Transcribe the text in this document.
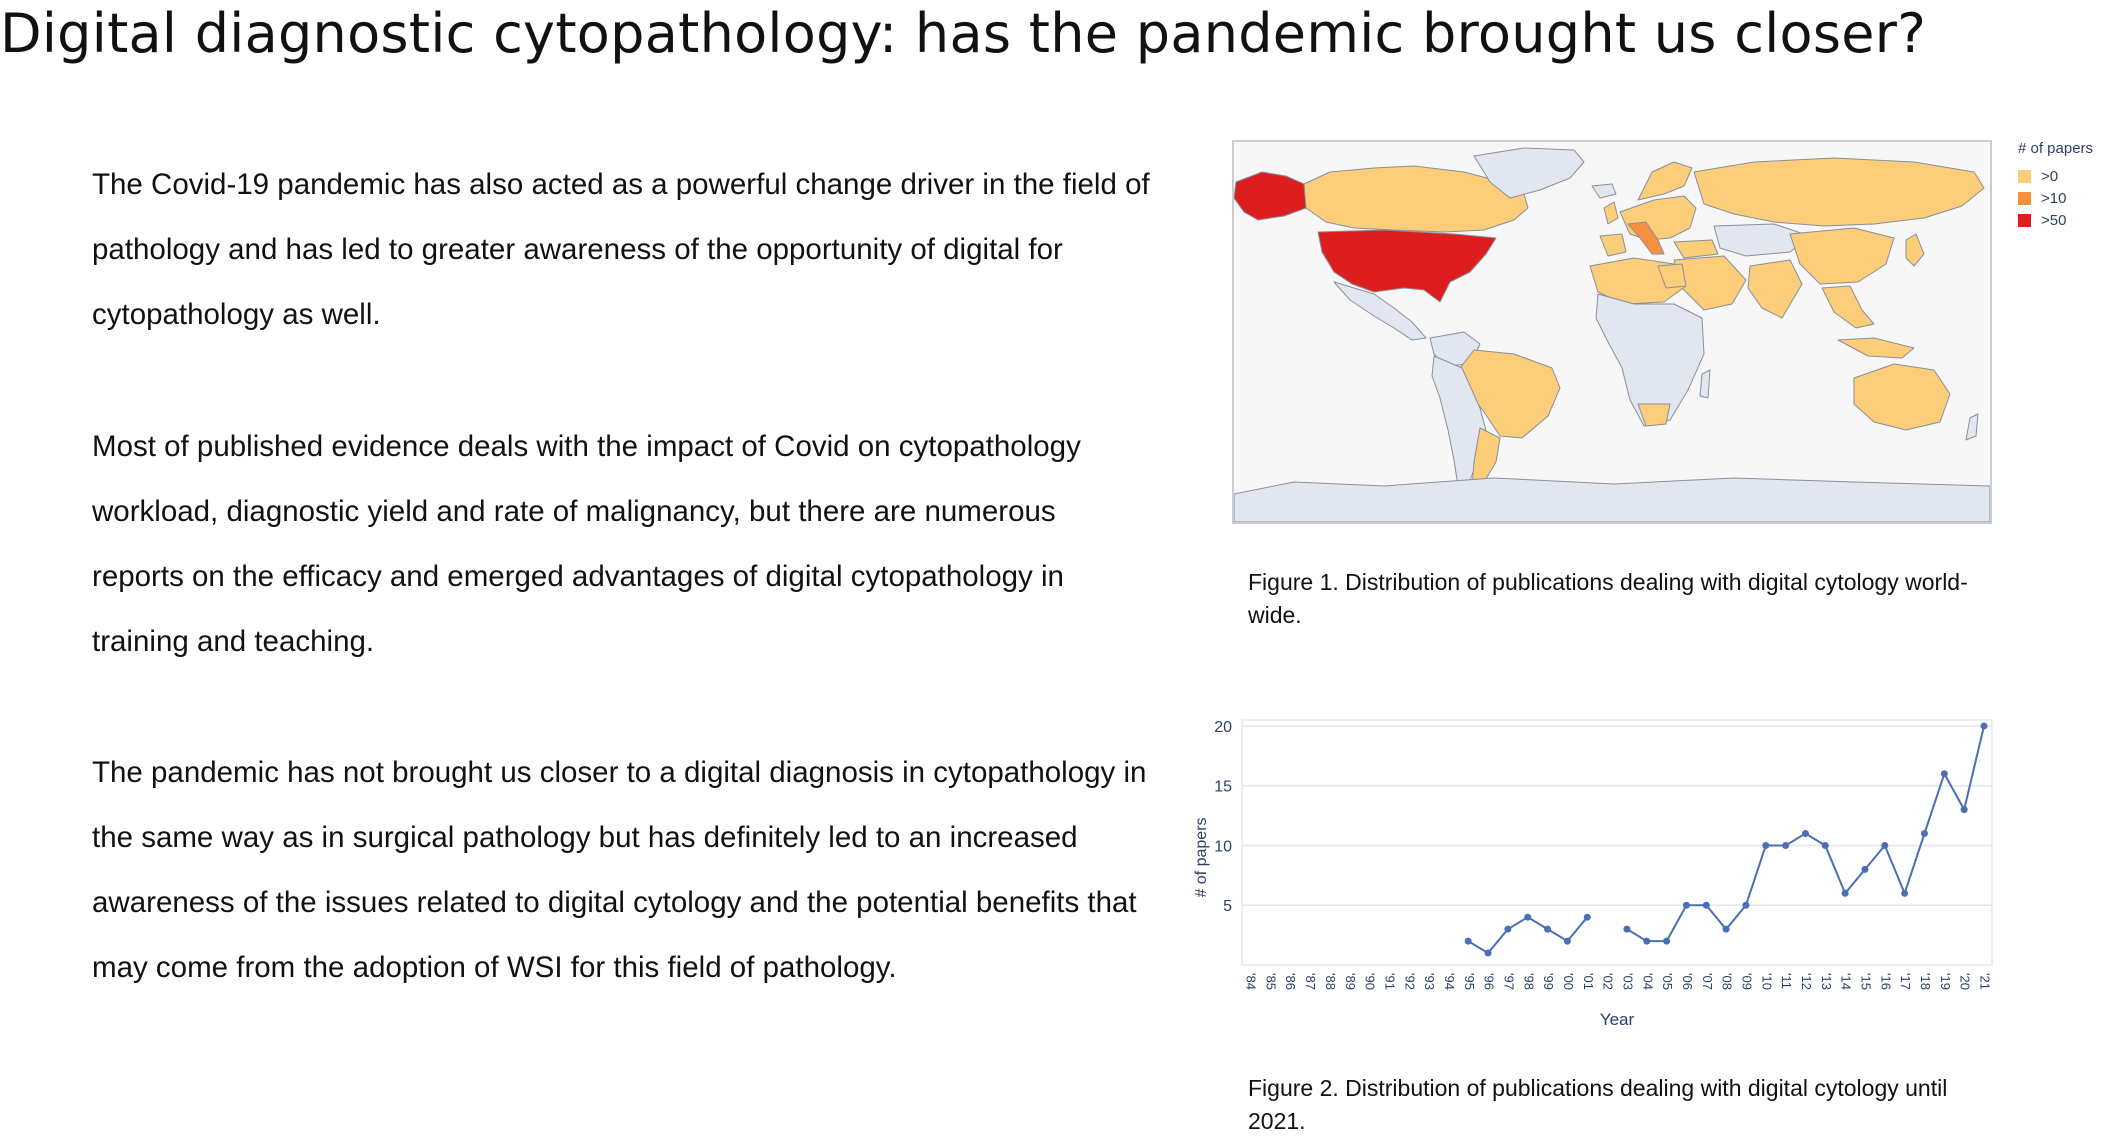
Digital diagnostic cytopathology: has the pandemic brought us closer?

The Covid-19 pandemic has also acted as a powerful change driver in the field of pathology and has led to greater awareness of the opportunity of digital for cytopathology as well.

Most of published evidence deals with the impact of Covid on cytopathology workload, diagnostic yield and rate of malignancy, but there are numerous reports on the efficacy and emerged advantages of digital cytopathology in training and teaching.

The pandemic has not brought us closer to a digital diagnosis in cytopathology in the same way as in surgical pathology but has definitely led to an increased awareness of the issues related to digital cytology and the potential benefits that may come from the adoption of WSI for this field of pathology.

# of papers
>0
>10
>50

Figure 1. Distribution of publications dealing with digital cytology world-wide.

5
10
15
20
'84 '85 '86 '87 '88 '89 '90 '91 '92 '93 '94 '95 '96 '97 '98 '99 '00 '01 '02 '03 '04 '05 '06 '07 '08 '09 '10 '11 '12 '13 '14 '15 '16 '17 '18 '19 '20 '21
Year
# of papers

Figure 2. Distribution of publications dealing with digital cytology until 2021.
